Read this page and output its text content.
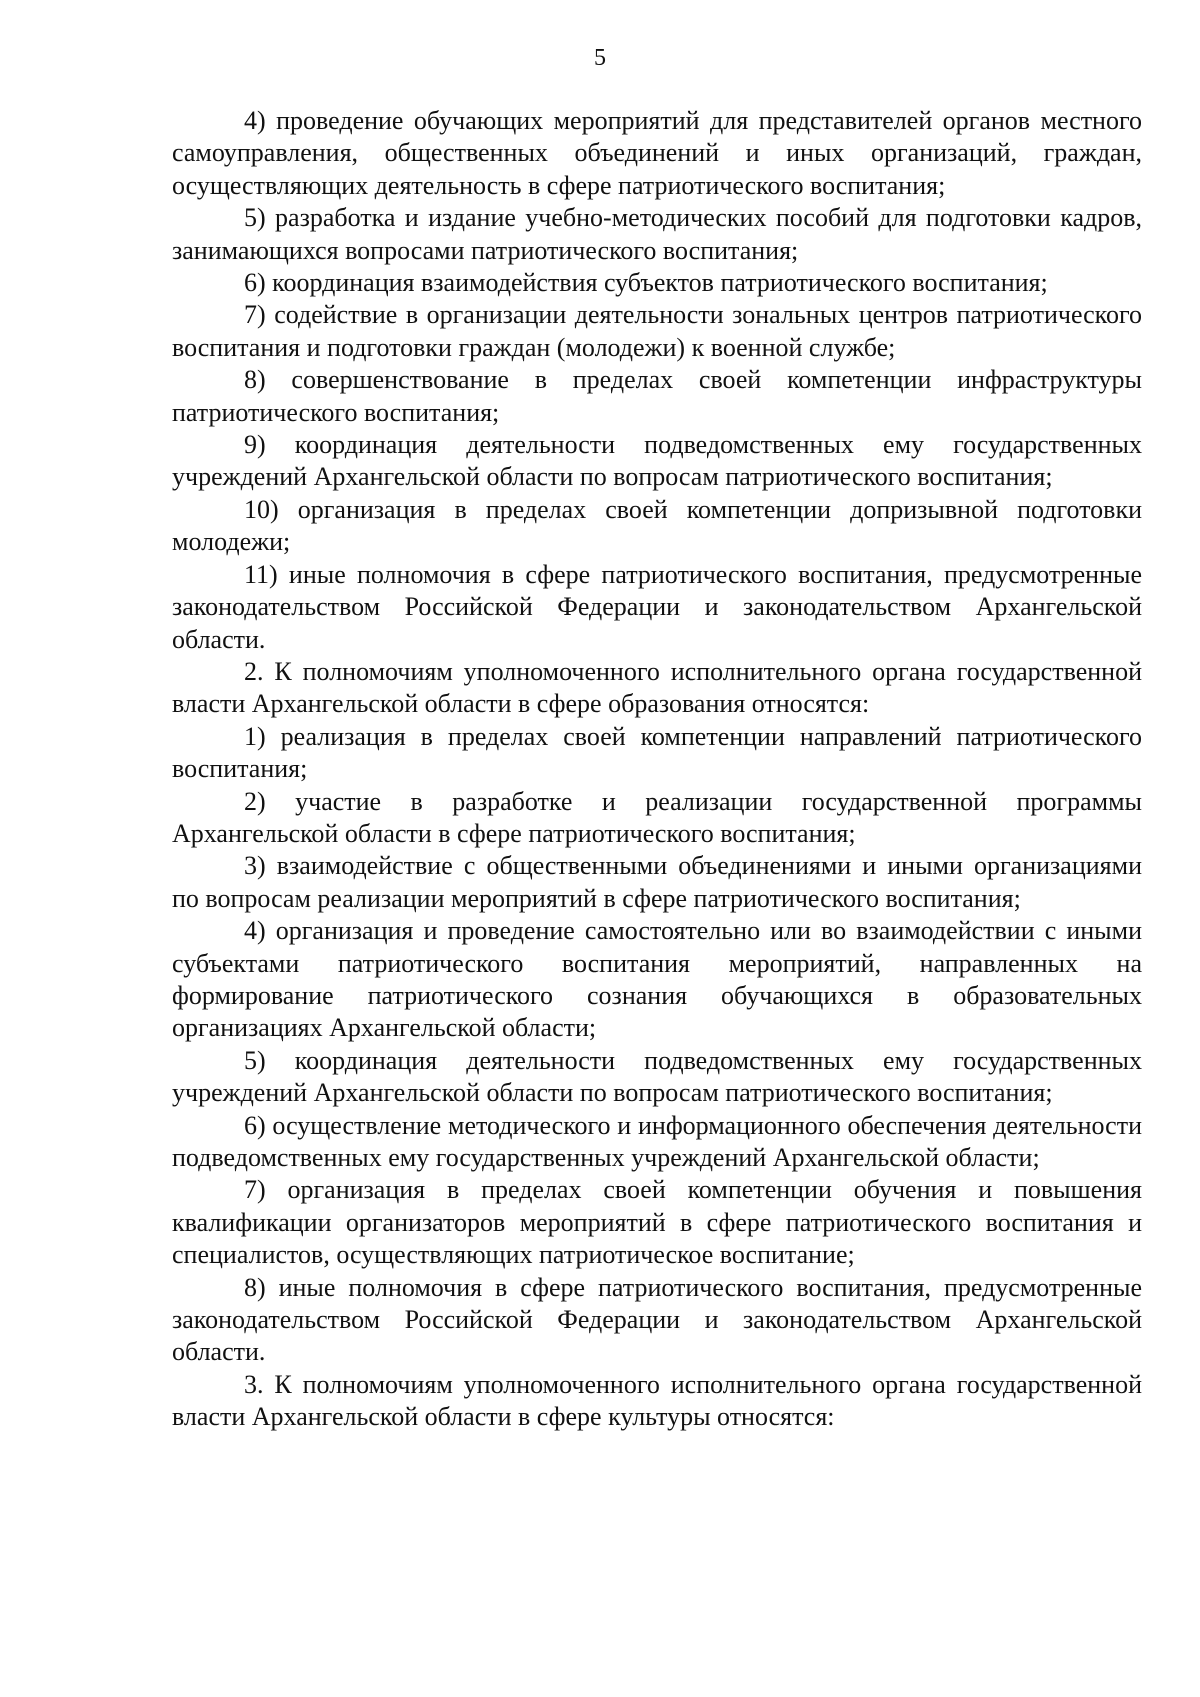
5

4) проведение обучающих мероприятий для представителей органов местного самоуправления, общественных объединений и иных организаций, граждан, осуществляющих деятельность в сфере патриотического воспитания;

5) разработка и издание учебно-методических пособий для подготовки кадров, занимающихся вопросами патриотического воспитания;

6) координация взаимодействия субъектов патриотического воспитания;

7) содействие в организации деятельности зональных центров патриотического воспитания и подготовки граждан (молодежи) к военной службе;

8) совершенствование в пределах своей компетенции инфраструктуры патриотического воспитания;

9) координация деятельности подведомственных ему государственных учреждений Архангельской области по вопросам патриотического воспитания;

10) организация в пределах своей компетенции допризывной подготовки молодежи;

11) иные полномочия в сфере патриотического воспитания, предусмотренные законодательством Российской Федерации и законодательством Архангельской области.

2. К полномочиям уполномоченного исполнительного органа государственной власти Архангельской области в сфере образования относятся:

1) реализация в пределах своей компетенции направлений патриотического воспитания;

2) участие в разработке и реализации государственной программы Архангельской области в сфере патриотического воспитания;

3) взаимодействие с общественными объединениями и иными организациями по вопросам реализации мероприятий в сфере патриотического воспитания;

4) организация и проведение самостоятельно или во взаимодействии с иными субъектами патриотического воспитания мероприятий, направленных на формирование патриотического сознания обучающихся в образовательных организациях Архангельской области;

5) координация деятельности подведомственных ему государственных учреждений Архангельской области по вопросам патриотического воспитания;

6) осуществление методического и информационного обеспечения деятельности подведомственных ему государственных учреждений Архангельской области;

7) организация в пределах своей компетенции обучения и повышения квалификации организаторов мероприятий в сфере патриотического воспитания и специалистов, осуществляющих патриотическое воспитание;

8) иные полномочия в сфере патриотического воспитания, предусмотренные законодательством Российской Федерации и законодательством Архангельской области.

3. К полномочиям уполномоченного исполнительного органа государственной власти Архангельской области в сфере культуры относятся:
